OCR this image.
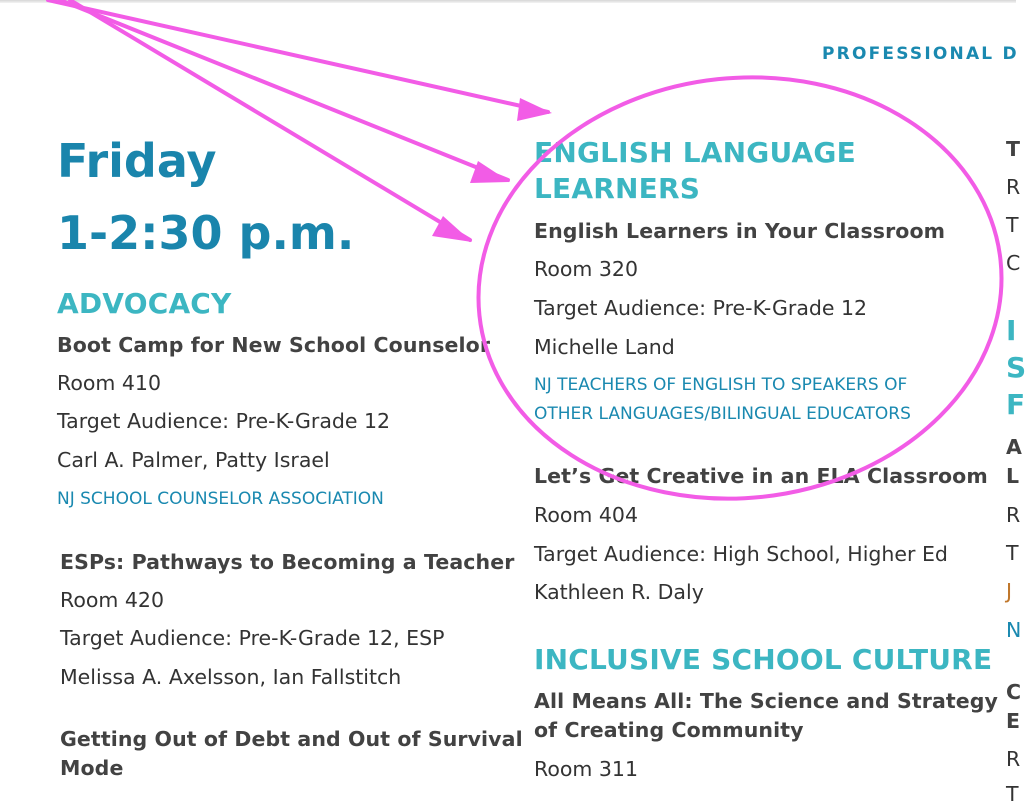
PROFESSIONAL D
Friday
1-2:30 p.m.
ADVOCACY
Boot Camp for New School Counselor
Room 410
Target Audience: Pre-K-Grade 12
Carl A. Palmer, Patty Israel
NJ SCHOOL COUNSELOR ASSOCIATION
ESPs: Pathways to Becoming a Teacher
Room 420
Target Audience: Pre-K-Grade 12, ESP
Melissa A. Axelsson, Ian Fallstitch
Getting Out of Debt and Out of Survival
Mode
ENGLISH LANGUAGE
LEARNERS
English Learners in Your Classroom
Room 320
Target Audience: Pre-K-Grade 12
Michelle Land
NJ TEACHERS OF ENGLISH TO SPEAKERS OF
OTHER LANGUAGES/BILINGUAL EDUCATORS
Let’s Get Creative in an ELA Classroom
Room 404
Target Audience: High School, Higher Ed
Kathleen R. Daly
INCLUSIVE SCHOOL CULTURE
All Means All: The Science and Strategy
of Creating Community
Room 311
T
R
T
C
I
S
F
A
L
R
T
J
N
C
E
R
T
